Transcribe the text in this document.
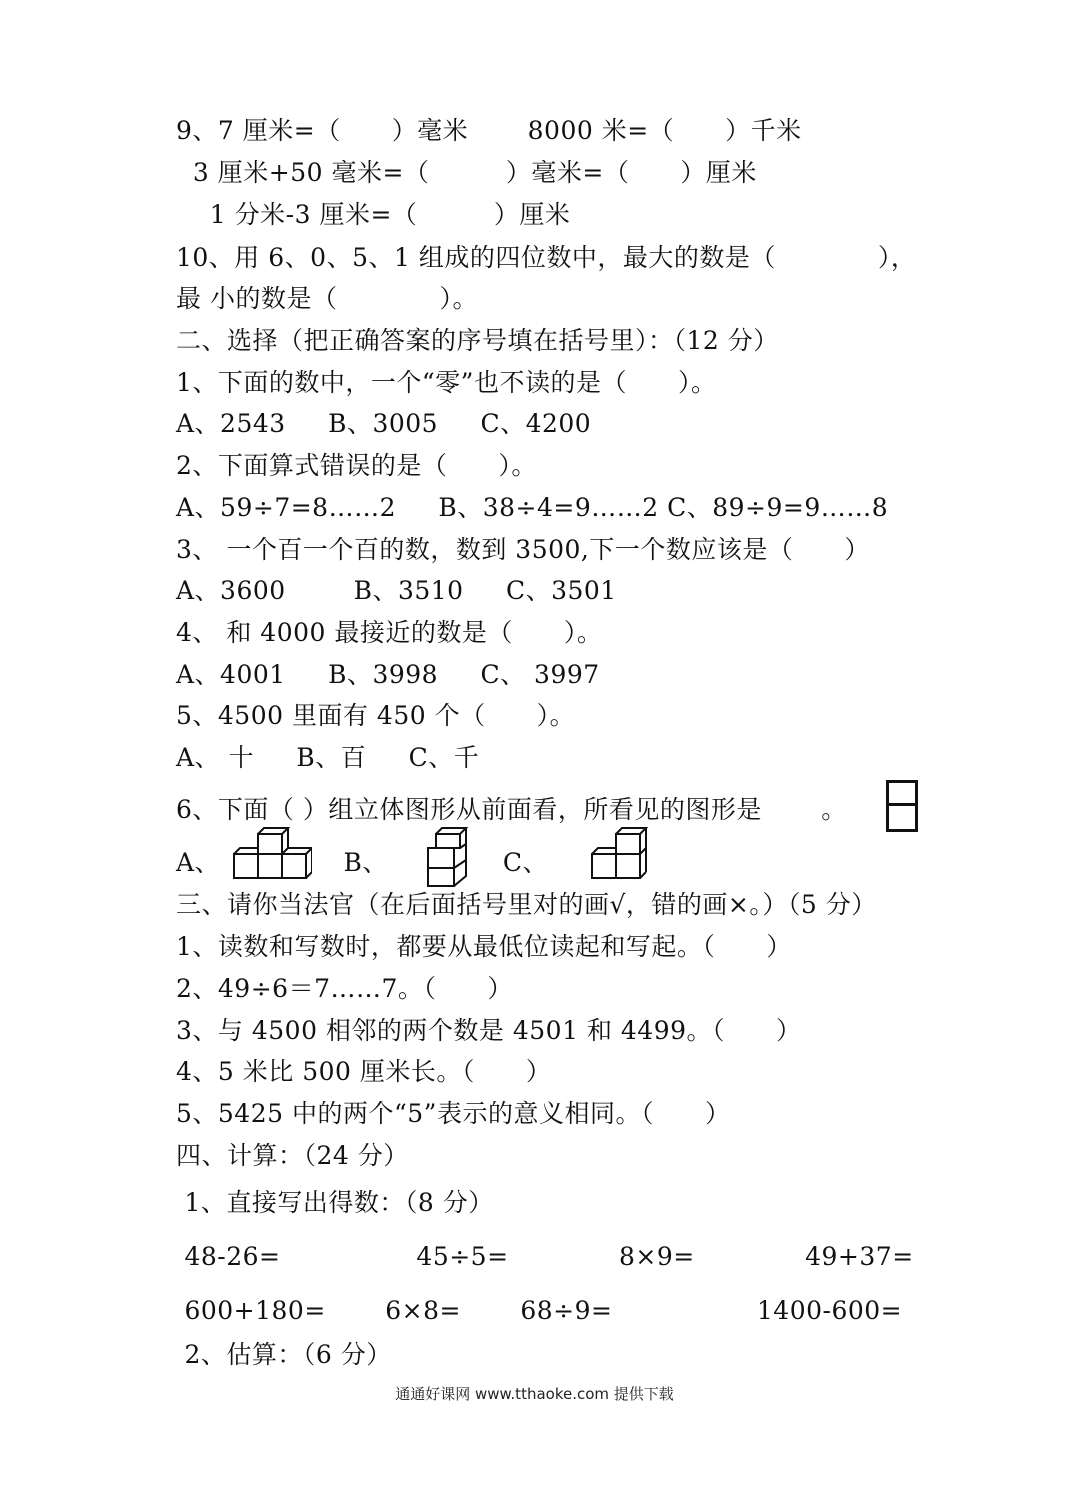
9、7 厘米=（　　）毫米 　　8000 米=（　　）千米
3 厘米+50 毫米=（　　　）毫米=（　　）厘米
1 分米-3 厘米=（　　　）厘米
10、用 6、0、5、1 组成的四位数中，最大的数是（　　　　），
最 小的数是（　　　　）。
二、选择（把正确答案的序号填在括号里）：（12 分）
1、下面的数中，一个“零”也不读的是（　　）。
A、2543 　 B、3005 　 C、4200
2、下面算式错误的是（　　）。
A、59÷7=8……2 　 B、38÷4=9……2 C、89÷9=9……8
3、 一个百一个百的数，数到 3500,下一个数应该是（　　）
A、3600 　 　B、3510 　 C、3501
4、 和 4000 最接近的数是（　　）。
A、4001 　 B、3998 　 C、 3997
5、4500 里面有 450 个（　　）。
A、 十 　 B、百 　 C、千
6、下面（ ）组立体图形从前面看，所看见的图形是　　 。
A、　　　　　 B、　　　　　C、
三、请你当法官（在后面括号里对的画√，错的画×。）（5 分）
1、读数和写数时，都要从最低位读起和写起。（　　）
2、49÷6＝7……7。（　　）
3、与 4500 相邻的两个数是 4501 和 4499。（　　）
4、5 米比 500 厘米长。（　　）
5、5425 中的两个“5”表示的意义相同。（　　）
四、计算：（24 分）
1、直接写出得数：（8 分）
48-26= 　　　　　45÷5= 　　　　8×9= 　　　　49+37=
600+180= 　　6×8= 　　68÷9= 　　　　　 1400-600=
2、估算：（6 分）
通通好课网 www.tthaoke.com 提供下载
